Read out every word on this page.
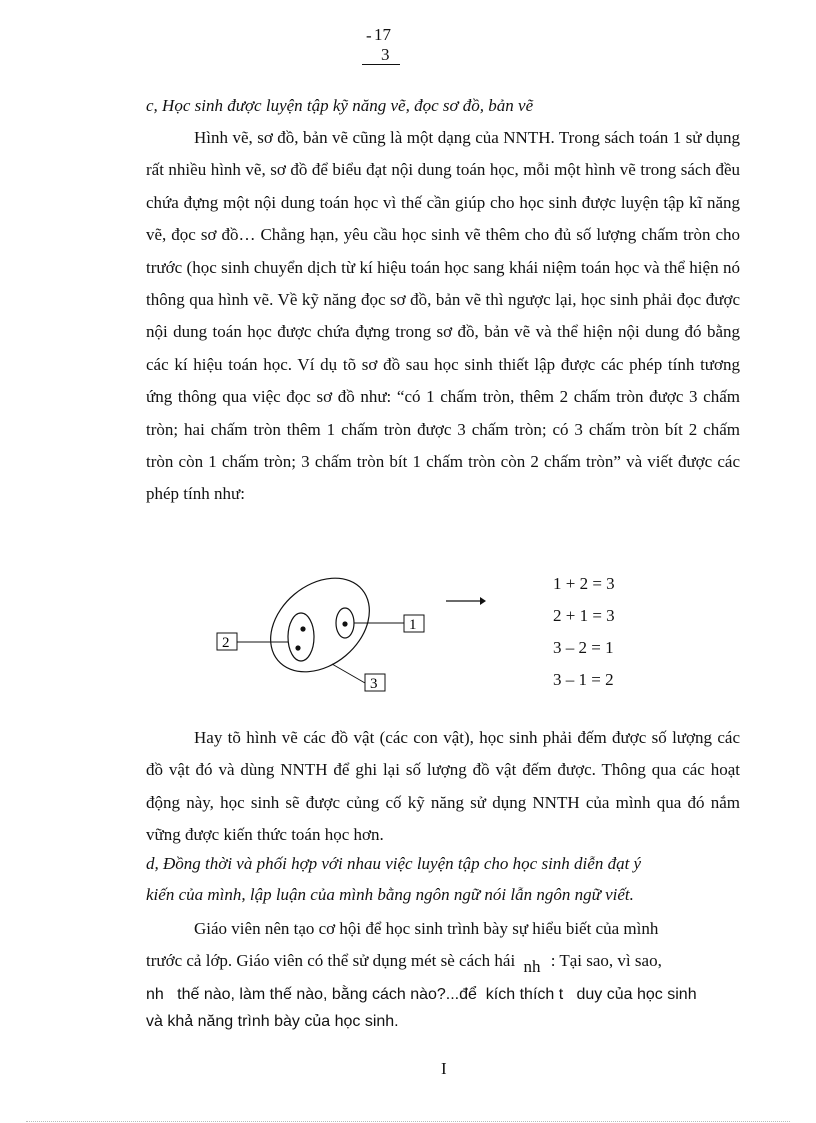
- 17
3
c, Học sinh được luyện tập kỹ năng vẽ, đọc sơ đồ, bản vẽ

Hình vẽ, sơ đồ, bản vẽ cũng là một dạng của NNTH. Trong sách toán 1 sử dụng rất nhiều hình vẽ, sơ đồ để biểu đạt nội dung toán học, mỗi một hình vẽ trong sách đều chứa đựng một nội dung toán học vì thế cần giúp cho học sinh được luyện tập kĩ năng vẽ, đọc sơ đồ… Chẳng hạn, yêu cầu học sinh vẽ thêm cho đủ số lượng chấm tròn cho trước (học sinh chuyển dịch từ kí hiệu toán học sang khái niệm toán học và thể hiện nó thông qua hình vẽ. Về kỹ năng đọc sơ đồ, bản vẽ thì ngược lại, học sinh phải đọc được nội dung toán học được chứa đựng trong sơ đồ, bản vẽ và thể hiện nội dung đó bằng các kí hiệu toán học. Ví dụ tõ sơ đồ sau học sinh thiết lập được các phép tính tương ứng thông qua việc đọc sơ đồ như: “có 1 chấm tròn, thêm 2 chấm tròn được 3 chấm tròn; hai chấm tròn thêm 1 chấm tròn được 3 chấm tròn; có 3 chấm tròn bít 2 chấm tròn còn 1 chấm tròn; 3 chấm tròn bít 1 chấm tròn còn 2 chấm tròn” và viết được các phép tính như:

2
1
3
1 + 2 = 3
2 + 1 = 3
3 – 2 = 1
3 – 1 = 2

Hay tõ hình vẽ các đồ vật (các con vật), học sinh phải đếm được số lượng các đồ vật đó và dùng NNTH để ghi lại số lượng đồ vật đếm được. Thông qua các hoạt động này, học sinh sẽ được củng cố kỹ năng sử dụng NNTH của mình qua đó nắm vững được kiến thức toán học hơn.

d, Đồng thời và phối hợp với nhau việc luyện tập cho học sinh diễn đạt ý
kiến của mình, lập luận của mình bằng ngôn ngữ nói lẫn ngôn ngữ viết.
Giáo viên nên tạo cơ hội để học sinh trình bày sự hiểu biết của mình
trước cả lớp. Giáo viên có thể sử dụng mét sè cách hái nh : Tại sao, vì sao,
nh   thế nào, làm thế nào, bằng cách nào?...để  kích thích t   duy của học sinh
và khả năng trình bày của học sinh.
I
